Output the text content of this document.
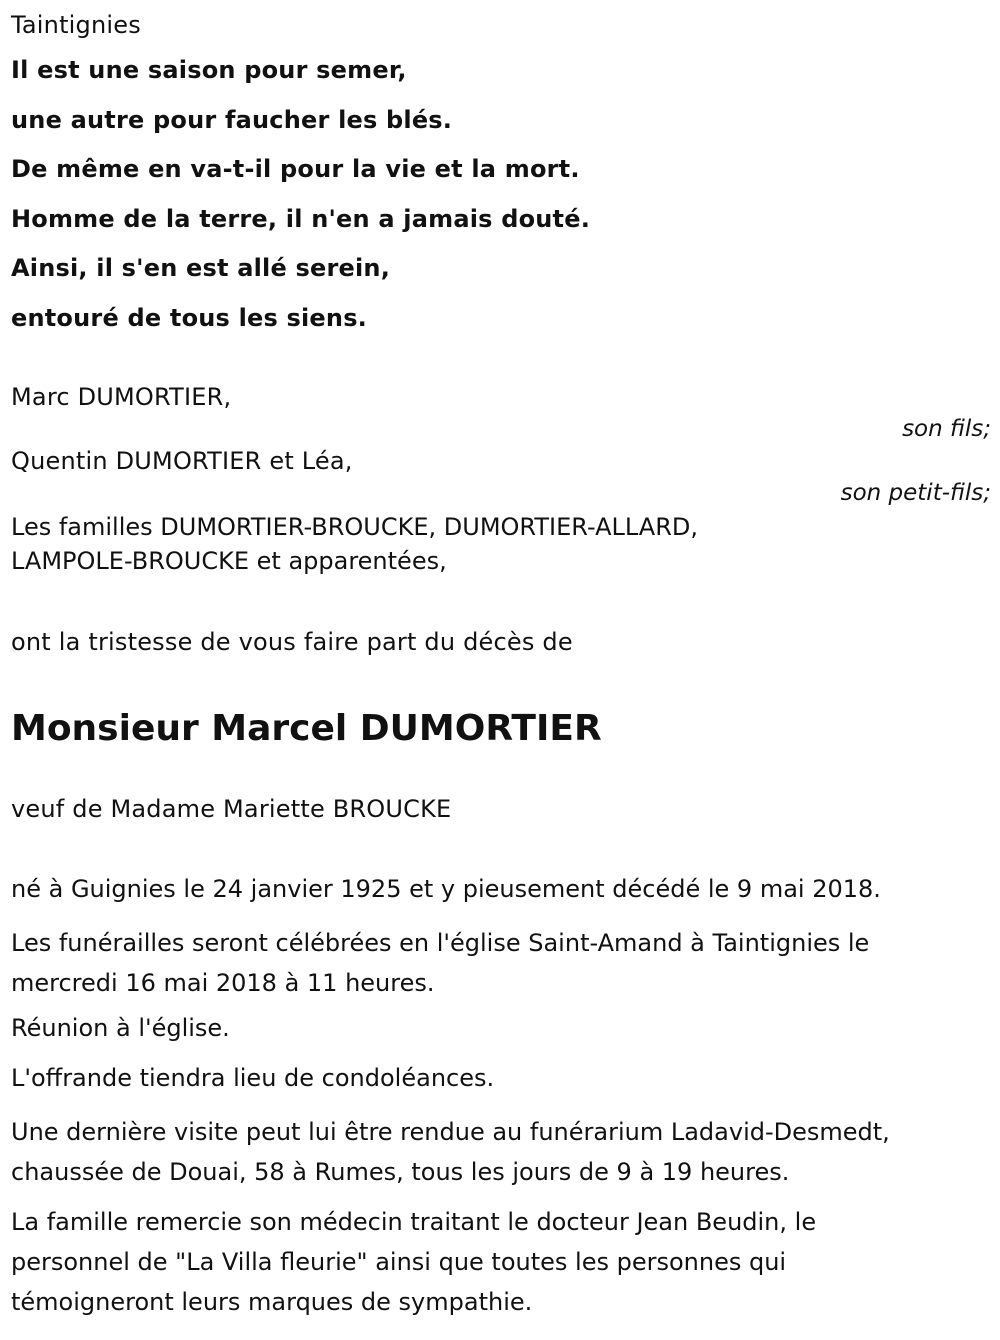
Taintignies
Il est une saison pour semer,
une autre pour faucher les blés.
De même en va-t-il pour la vie et la mort.
Homme de la terre, il n'en a jamais douté.
Ainsi, il s'en est allé serein,
entouré de tous les siens.
Marc DUMORTIER,
son fils;
Quentin DUMORTIER et Léa,
son petit-fils;
Les familles DUMORTIER-BROUCKE, DUMORTIER-ALLARD,
LAMPOLE-BROUCKE et apparentées,
ont la tristesse de vous faire part du décès de
Monsieur Marcel DUMORTIER
veuf de Madame Mariette BROUCKE
né à Guignies le 24 janvier 1925 et y pieusement décédé le 9 mai 2018.
Les funérailles seront célébrées en l'église Saint-Amand à Taintignies le
mercredi 16 mai 2018 à 11 heures.
Réunion à l'église.
L'offrande tiendra lieu de condoléances.
Une dernière visite peut lui être rendue au funérarium Ladavid-Desmedt,
chaussée de Douai, 58 à Rumes, tous les jours de 9 à 19 heures.
La famille remercie son médecin traitant le docteur Jean Beudin, le
personnel de "La Villa fleurie" ainsi que toutes les personnes qui
témoigneront leurs marques de sympathie.
